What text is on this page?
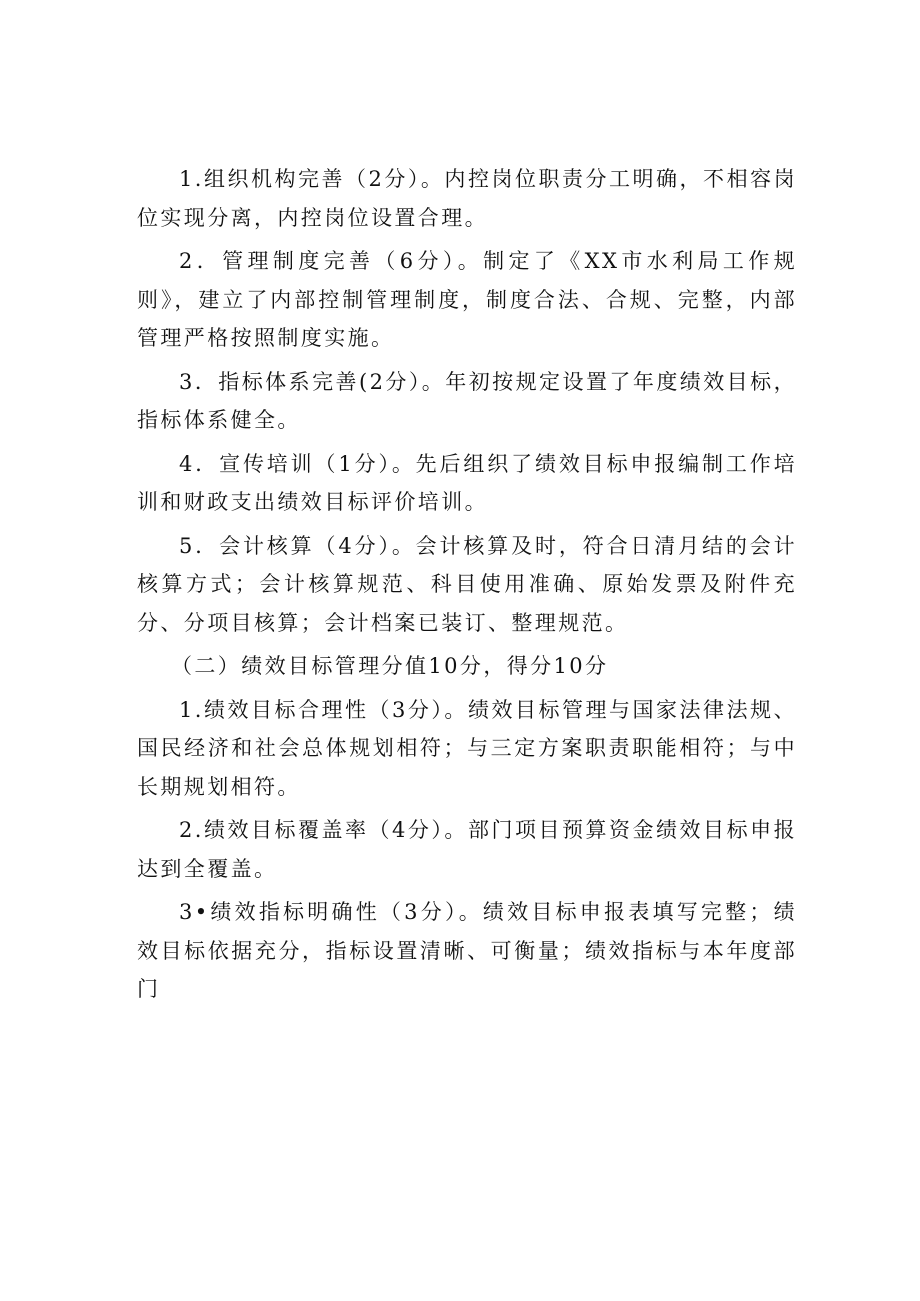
1.组织机构完善（2分）。内控岗位职责分工明确，不相容岗位实现分离，内控岗位设置合理。

2．管理制度完善（6分）。制定了《XX市水利局工作规则》，建立了内部控制管理制度，制度合法、合规、完整，内部管理严格按照制度实施。

3．指标体系完善(2分）。年初按规定设置了年度绩效目标，指标体系健全。

4．宣传培训（1分）。先后组织了绩效目标申报编制工作培训和财政支出绩效目标评价培训。

5．会计核算（4分）。会计核算及时，符合日清月结的会计核算方式；会计核算规范、科目使用准确、原始发票及附件充分、分项目核算；会计档案已装订、整理规范。

（二）绩效目标管理分值10分，得分10分

1.绩效目标合理性（3分）。绩效目标管理与国家法律法规、国民经济和社会总体规划相符；与三定方案职责职能相符；与中长期规划相符。

2.绩效目标覆盖率（4分）。部门项目预算资金绩效目标申报达到全覆盖。

3•绩效指标明确性（3分）。绩效目标申报表填写完整；绩效目标依据充分，指标设置清晰、可衡量；绩效指标与本年度部门
